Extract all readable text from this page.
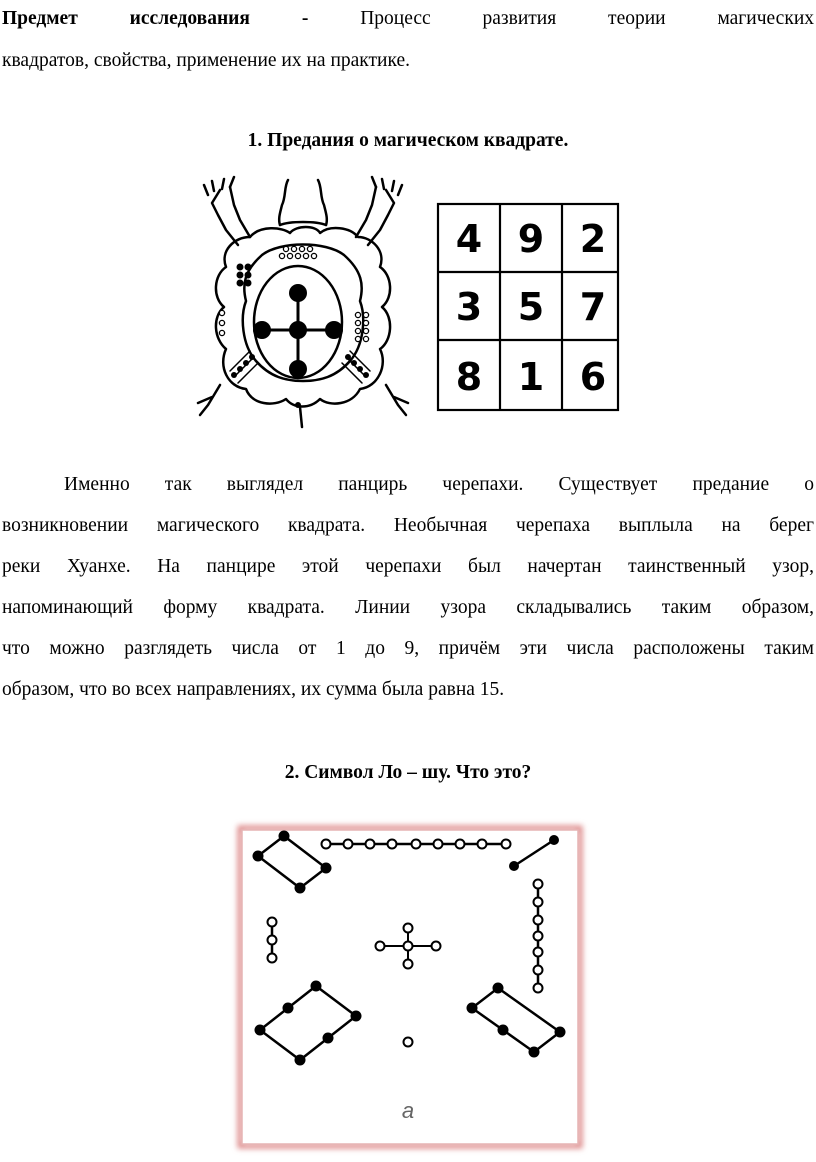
Предмет исследования	-	Процесс развития теории магических
квадратов, свойства, применение их на практике.
1. Предания о магическом квадрате.
4 9 2
3 5 7
8 1 6
Именно так выглядел панцирь черепахи. Существует предание о
возникновении магического квадрата. Необычная черепаха выплыла на берег
реки Хуанхе. На панцире этой черепахи был начертан таинственный узор,
напоминающий форму квадрата. Линии узора складывались таким образом,
что можно разглядеть числа от 1 до 9, причём эти числа расположены таким
образом, что во всех направлениях, их сумма была равна 15.
2. Символ Ло – шу. Что это?
a
